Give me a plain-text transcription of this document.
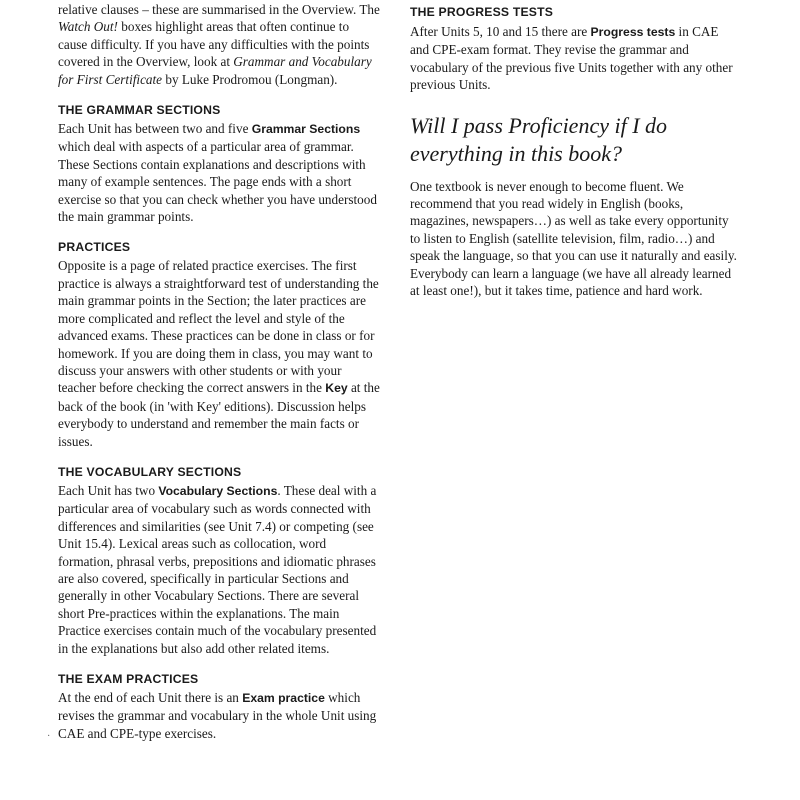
relative clauses – these are summarised in the Overview. The Watch Out! boxes highlight areas that often continue to cause difficulty. If you have any difficulties with the points covered in the Overview, look at Grammar and Vocabulary for First Certificate by Luke Prodromou (Longman).

THE GRAMMAR SECTIONS

Each Unit has between two and five Grammar Sections which deal with aspects of a particular area of grammar. These Sections contain explanations and descriptions with many of example sentences. The page ends with a short exercise so that you can check whether you have understood the main grammar points.

PRACTICES

Opposite is a page of related practice exercises. The first practice is always a straightforward test of understanding the main grammar points in the Section; the later practices are more complicated and reflect the level and style of the advanced exams. These practices can be done in class or for homework. If you are doing them in class, you may want to discuss your answers with other students or with your teacher before checking the correct answers in the Key at the back of the book (in 'with Key' editions). Discussion helps everybody to understand and remember the main facts or issues.

THE VOCABULARY SECTIONS

Each Unit has two Vocabulary Sections. These deal with a particular area of vocabulary such as words connected with differences and similarities (see Unit 7.4) or competing (see Unit 15.4). Lexical areas such as collocation, word formation, phrasal verbs, prepositions and idiomatic phrases are also covered, specifically in particular Sections and generally in other Vocabulary Sections. There are several short Pre-practices within the explanations. The main Practice exercises contain much of the vocabulary presented in the explanations but also add other related items.

THE EXAM PRACTICES

At the end of each Unit there is an Exam practice which revises the grammar and vocabulary in the whole Unit using CAE and CPE-type exercises.

·
THE PROGRESS TESTS

After Units 5, 10 and 15 there are Progress tests in CAE and CPE-exam format. They revise the grammar and vocabulary of the previous five Units together with any other previous Units.

Will I pass Proficiency if I do everything in this book?

One textbook is never enough to become fluent. We recommend that you read widely in English (books, magazines, newspapers…) as well as take every opportunity to listen to English (satellite television, film, radio…) and speak the language, so that you can use it naturally and easily. Everybody can learn a language (we have all already learned at least one!), but it takes time, patience and hard work.
